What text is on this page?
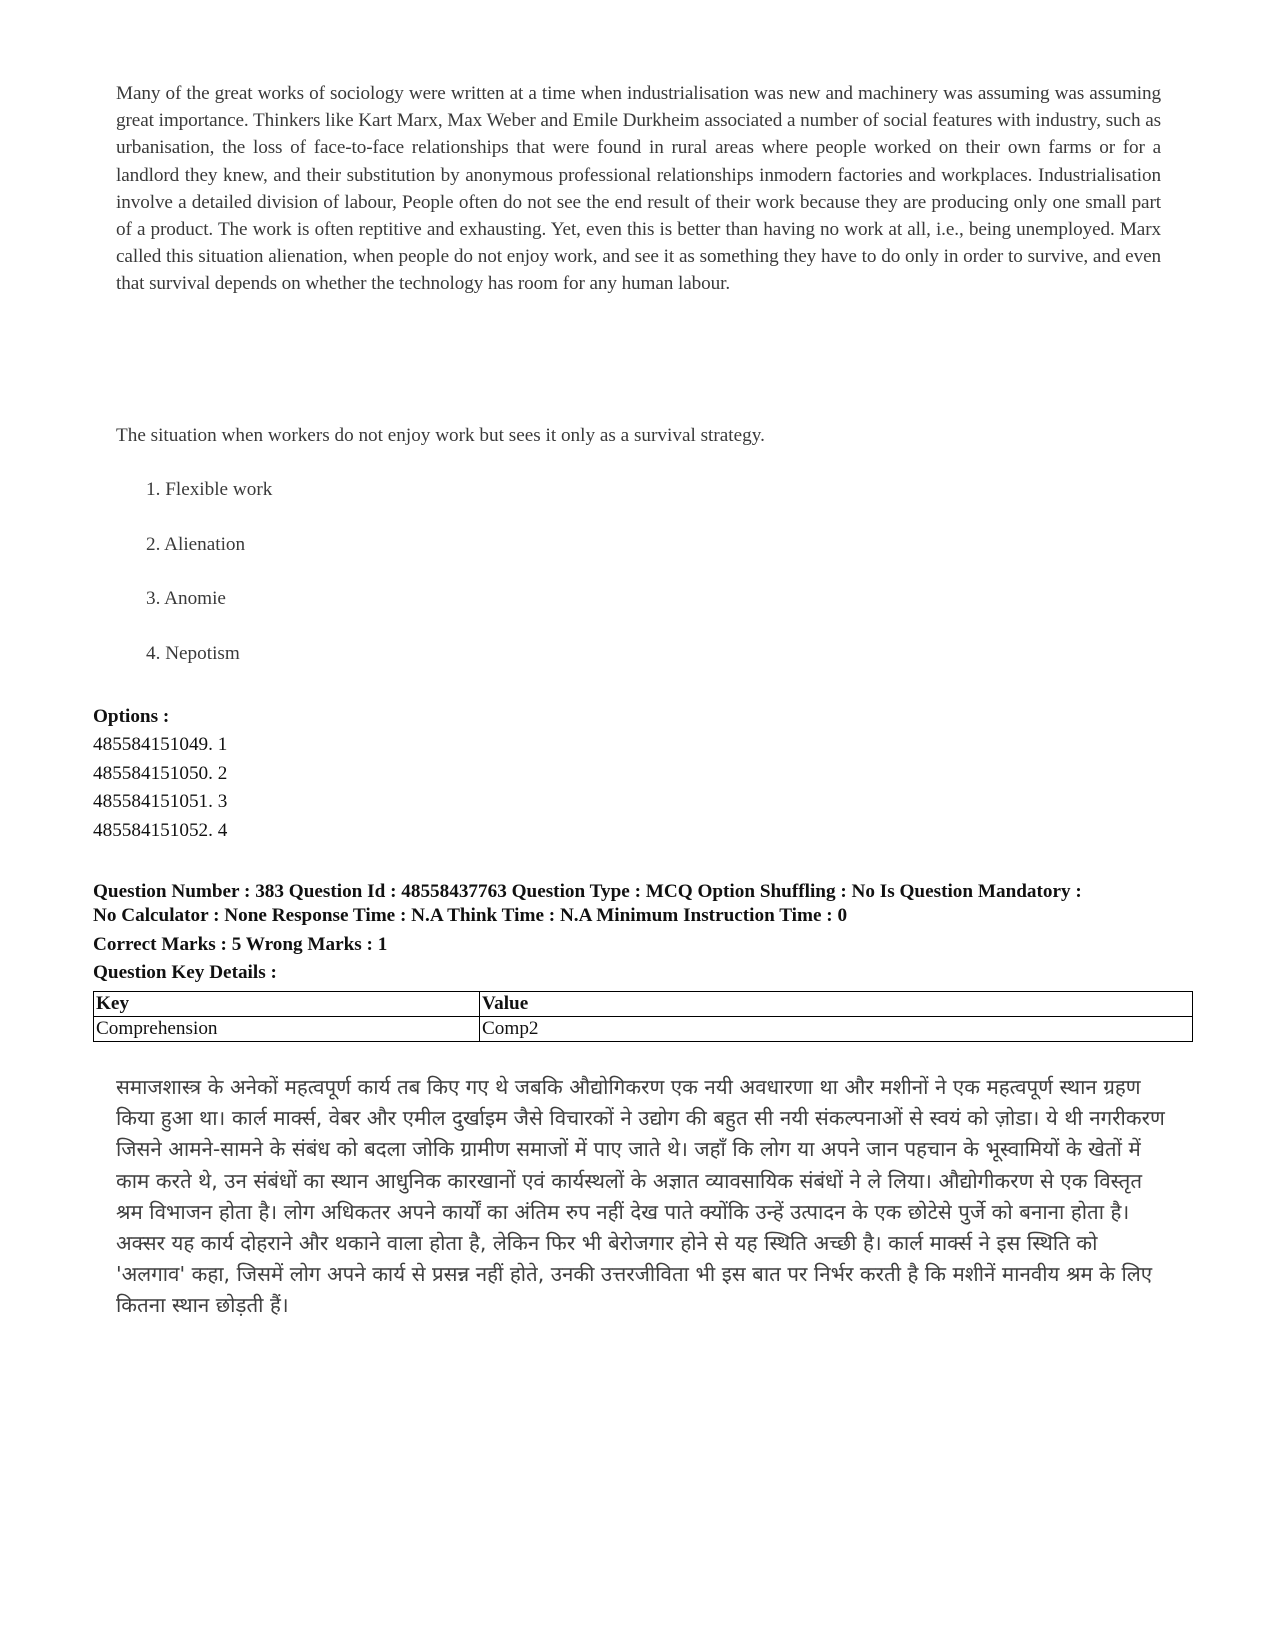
Many of the great works of sociology were written at a time when industrialisation was new and machinery was assuming was assuming great importance. Thinkers like Kart Marx, Max Weber and Emile Durkheim associated a number of social features with industry, such as urbanisation, the loss of face-to-face relationships that were found in rural areas where people worked on their own farms or for a landlord they knew, and their substitution by anonymous professional relationships inmodern factories and workplaces. Industrialisation involve a detailed division of labour, People often do not see the end result of their work because they are producing only one small part of a product. The work is often reptitive and exhausting. Yet, even this is better than having no work at all, i.e., being unemployed. Marx called this situation alienation, when people do not enjoy work, and see it as something they have to do only in order to survive, and even that survival depends on whether the technology has room for any human labour.
The situation when workers do not enjoy work but sees it only as a survival strategy.
1. Flexible work
2. Alienation
3. Anomie
4. Nepotism
Options :
485584151049. 1
485584151050. 2
485584151051. 3
485584151052. 4
Question Number : 383 Question Id : 48558437763 Question Type : MCQ Option Shuffling : No Is Question Mandatory :
No Calculator : None Response Time : N.A Think Time : N.A Minimum Instruction Time : 0
Correct Marks : 5 Wrong Marks : 1
Question Key Details :
Key	Value
Comprehension	Comp2
समाजशास्त्र के अनेकों महत्वपूर्ण कार्य तब किए गए थे जबकि औद्योगिकरण एक नयी अवधारणा था और मशीनों ने एक महत्वपूर्ण स्थान ग्रहण किया हुआ था। कार्ल मार्क्स, वेबर और एमील दुर्खाइम जैसे विचारकों ने उद्योग की बहुत सी नयी संकल्पनाओं से स्वयं को ज़ोडा। ये थी नगरीकरण जिसने आमने-सामने के संबंध को बदला जोकि ग्रामीण समाजों में पाए जाते थे। जहाँ कि लोग या अपने जान पहचान के भूस्वामियों के खेतों में काम करते थे, उन संबंधों का स्थान आधुनिक कारखानों एवं कार्यस्थलों के अज्ञात व्यावसायिक संबंधों ने ले लिया। औद्योगीकरण से एक विस्तृत श्रम विभाजन होता है। लोग अधिकतर अपने कार्यों का अंतिम रुप नहीं देख पाते क्योंकि उन्हें उत्पादन के एक छोटेसे पुर्जे को बनाना होता है। अक्सर यह कार्य दोहराने और थकाने वाला होता है, लेकिन फिर भी बेरोजगार होने से यह स्थिति अच्छी है। कार्ल मार्क्स ने इस स्थिति को 'अलगाव' कहा, जिसमें लोग अपने कार्य से प्रसन्न नहीं होते, उनकी उत्तरजीविता भी इस बात पर निर्भर करती है कि मशीनें मानवीय श्रम के लिए कितना स्थान छोड़ती हैं।
